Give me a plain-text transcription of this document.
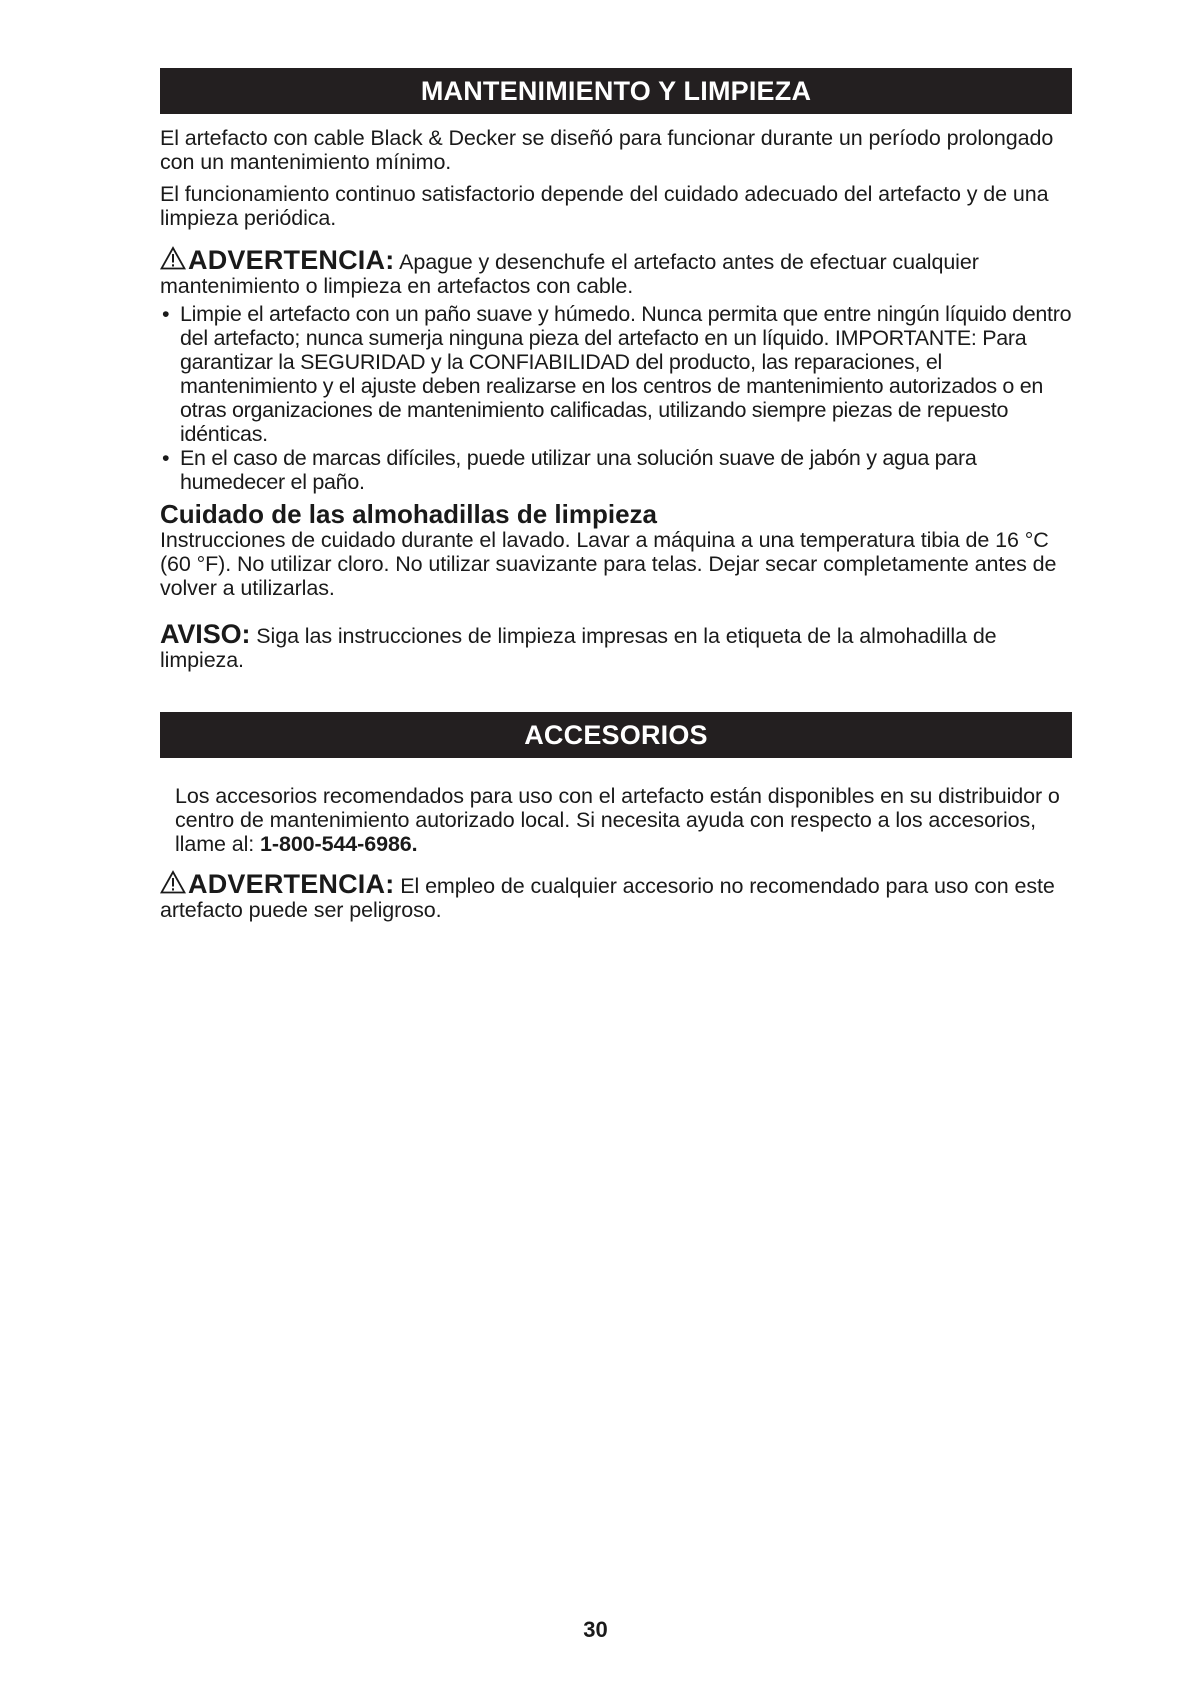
MANTENIMIENTO Y LIMPIEZA

El artefacto con cable Black & Decker se diseñó para funcionar durante un período prolongado con un mantenimiento mínimo.

El funcionamiento continuo satisfactorio depende del cuidado adecuado del artefacto y de una limpieza periódica.

ADVERTENCIA: Apague y desenchufe el artefacto antes de efectuar cualquier mantenimiento o limpieza en artefactos con cable.

• Limpie el artefacto con un paño suave y húmedo. Nunca permita que entre ningún líquido dentro del artefacto; nunca sumerja ninguna pieza del artefacto en un líquido. IMPORTANTE: Para garantizar la SEGURIDAD y la CONFIABILIDAD del producto, las reparaciones, el mantenimiento y el ajuste deben realizarse en los centros de mantenimiento autorizados o en otras organizaciones de mantenimiento calificadas, utilizando siempre piezas de repuesto idénticas.
• En el caso de marcas difíciles, puede utilizar una solución suave de jabón y agua para humedecer el paño.
Cuidado de las almohadillas de limpieza

Instrucciones de cuidado durante el lavado. Lavar a máquina a una temperatura tibia de 16 °C (60 °F). No utilizar cloro. No utilizar suavizante para telas. Dejar secar completamente antes de volver a utilizarlas.

AVISO: Siga las instrucciones de limpieza impresas en la etiqueta de la almohadilla de limpieza.

ACCESORIOS

Los accesorios recomendados para uso con el artefacto están disponibles en su distribuidor o centro de mantenimiento autorizado local. Si necesita ayuda con respecto a los accesorios, llame al: 1-800-544-6986.

ADVERTENCIA: El empleo de cualquier accesorio no recomendado para uso con este artefacto puede ser peligroso.

30
